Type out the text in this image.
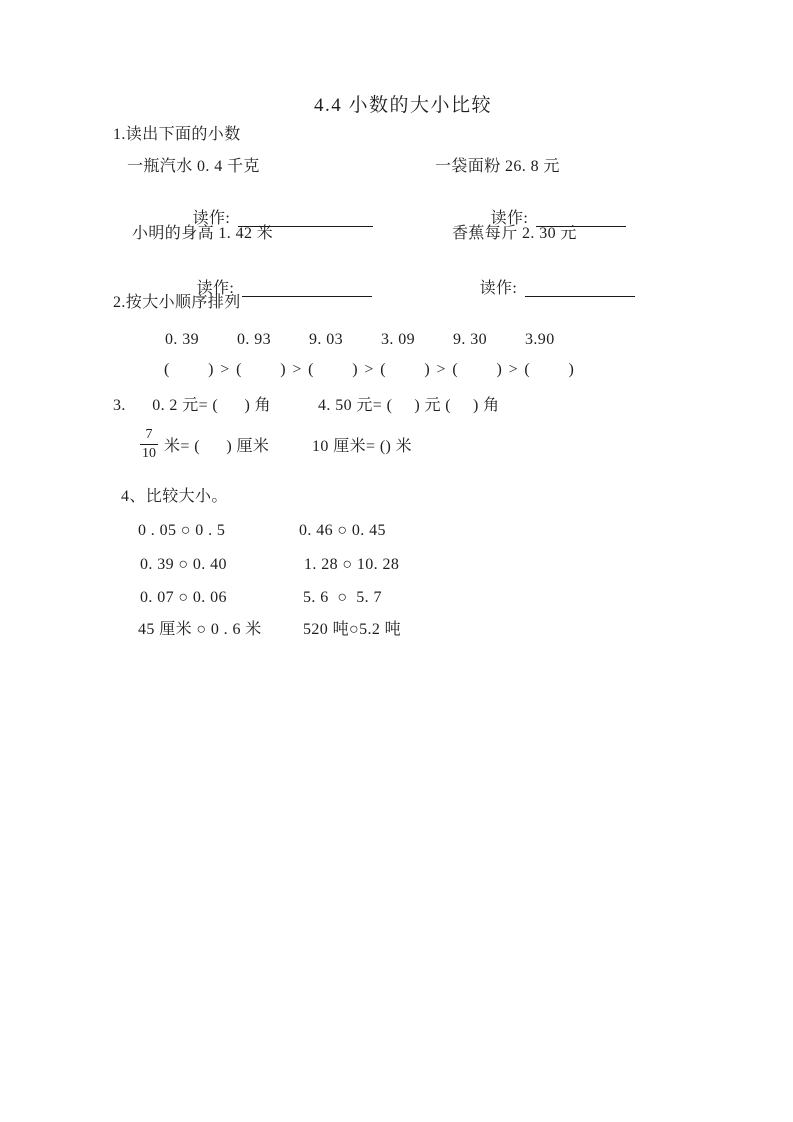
4.4 小数的大小比较
1.读出下面的小数
一瓶汽水 0. 4 千克	一袋面粉 26. 8 元

读作:
	读作:

小明的身高 1. 42 米	香蕉每斤 2. 30 元

读作:
	读作:

2.按大小顺序排列
0. 39 0. 93 9. 03 3. 09 9. 30 3.90
(      ) > (      ) > (      ) > (      ) > (      ) > (      )
3.      0. 2 元= (      ) 角	4. 50 元= (     ) 元 (     ) 角
$\frac{7}{10}$ 米= (      ) 厘米	10 厘米= () 米
4、比较大小。
0 . 05 ○ 0 . 5	0. 46 ○ 0. 45
0. 39 ○ 0. 40	1. 28 ○ 10. 28
0. 07 ○ 0. 06	5. 6  ○  5. 7
45 厘米 ○ 0 . 6 米	520 吨○5.2 吨
